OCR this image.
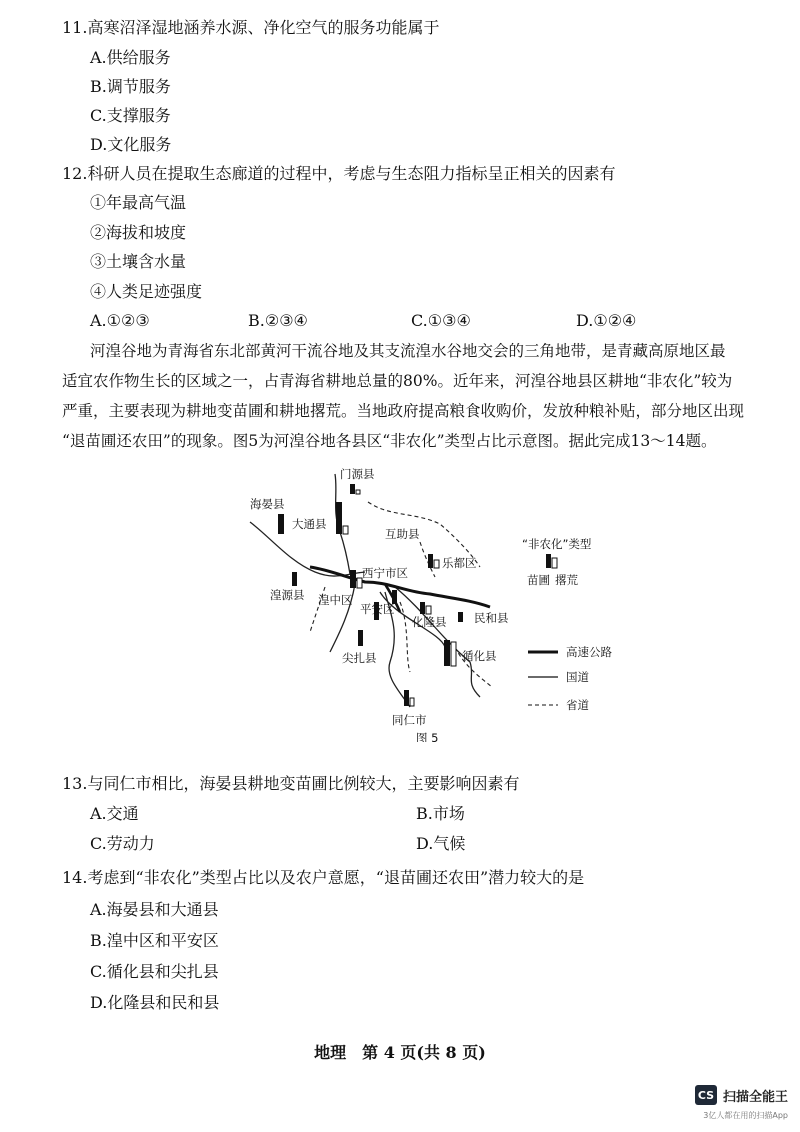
11.高寒沼泽湿地涵养水源、净化空气的服务功能属于
A.供给服务
B.调节服务
C.支撑服务
D.文化服务
12.科研人员在提取生态廊道的过程中，考虑与生态阻力指标呈正相关的因素有
①年最高气温
②海拔和坡度
③土壤含水量
④人类足迹强度
A.①②③	B.②③④	C.①③④	D.①②④
河湟谷地为青海省东北部黄河干流谷地及其支流湟水谷地交会的三角地带，是青藏高原地区最
适宜农作物生长的区域之一，占青海省耕地总量的80%。近年来，河湟谷地县区耕地“非农化”较为
严重，主要表现为耕地变苗圃和耕地撂荒。当地政府提高粮食收购价，发放种粮补贴，部分地区出现
“退苗圃还农田”的现象。图5为河湟谷地各县区“非农化”类型占比示意图。据此完成13～14题。
门源县
海晏县
大通县
互助县
乐都区
西宁市区
湟源县 湟中区
平安区
化隆县 民和县
尖扎县	循化县
同仁市
“非农化”类型
苗圃 撂荒
高速公路
国道
省道
图 5
13.与同仁市相比，海晏县耕地变苗圃比例较大，主要影响因素有
A.交通	B.市场
C.劳动力	D.气候
14.考虑到“非农化”类型占比以及农户意愿，“退苗圃还农田”潜力较大的是
A.海晏县和大通县
B.湟中区和平安区
C.循化县和尖扎县
D.化隆县和民和县
地理　第 4 页(共 8 页)
CS 扫描全能王
3亿人都在用的扫描App
